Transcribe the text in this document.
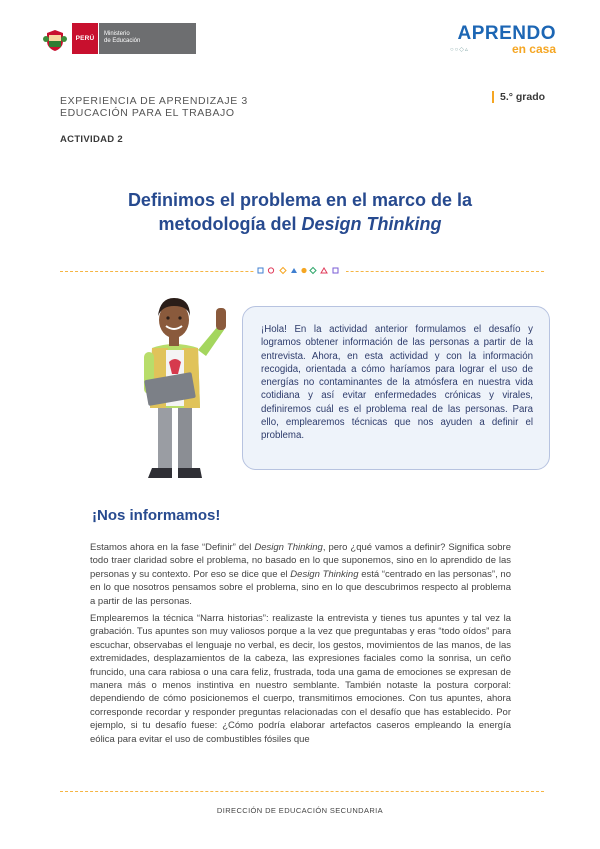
PERÚ
Ministerio
de Educación	APRENDO
○○◇▵	en casa
EXPERIENCIA DE APRENDIZAJE 3
EDUCACIÓN PARA EL TRABAJO
ACTIVIDAD 2
5.° grado
Definimos el problema en el marco de la
metodología del Design Thinking

¡Hola! En la actividad anterior formulamos el desafío y logramos obtener información de las personas a partir de la entrevista. Ahora, en esta actividad y con la información recogida, orientada a cómo haríamos para lograr el uso de energías no contaminantes de la atmósfera en nuestra vida cotidiana y así evitar enfermedades crónicas y virales, definiremos cuál es el problema real de las personas. Para ello, emplearemos técnicas que nos ayuden a definir el problema.

¡Nos informamos!

Estamos ahora en la fase “Definir” del Design Thinking, pero ¿qué vamos a definir? Significa sobre todo traer claridad sobre el problema, no basado en lo que suponemos, sino en lo aprendido de las personas y su contexto. Por eso se dice que el Design Thinking está “centrado en las personas”, no en lo que nosotros pensamos sobre el problema, sino en lo que descubrimos respecto al problema a partir de las personas.

Emplearemos la técnica “Narra historias”: realizaste la entrevista y tienes tus apuntes y tal vez la grabación. Tus apuntes son muy valiosos porque a la vez que preguntabas y eras “todo oídos” para escuchar, observabas el lenguaje no verbal, es decir, los gestos, movimientos de las manos, de las extremidades, desplazamientos de la cabeza, las expresiones faciales como la sonrisa, un ceño fruncido, una cara rabiosa o una cara feliz, frustrada, toda una gama de emociones se expresan de manera más o menos instintiva en nuestro semblante. También notaste la postura corporal: dependiendo de cómo posicionemos el cuerpo, transmitimos emociones. Con tus apuntes, ahora corresponde recordar y responder preguntas relacionadas con el desafío que has establecido. Por ejemplo, si tu desafío fuese: ¿Cómo podría elaborar artefactos caseros empleando la energía eólica para evitar el uso de combustibles fósiles que

DIRECCIÓN DE EDUCACIÓN SECUNDARIA
